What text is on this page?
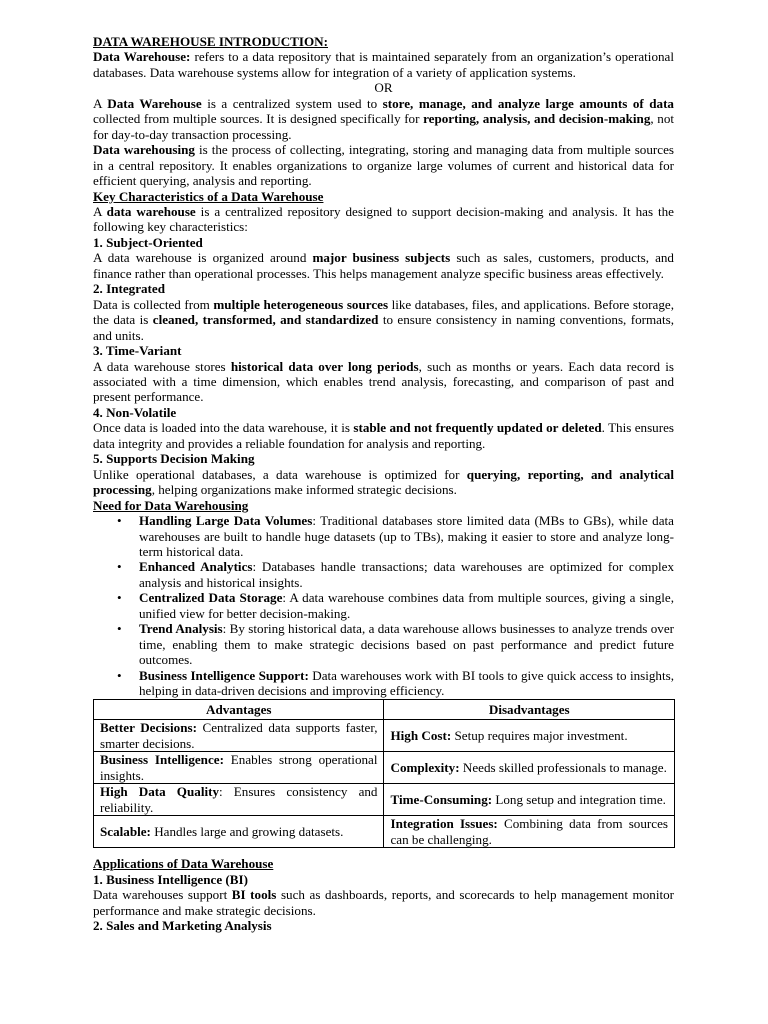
DATA WAREHOUSE INTRODUCTION:

Data Warehouse: refers to a data repository that is maintained separately from an organization’s operational databases. Data warehouse systems allow for integration of a variety of application systems.

OR

A Data Warehouse is a centralized system used to store, manage, and analyze large amounts of data collected from multiple sources. It is designed specifically for reporting, analysis, and decision-making, not for day-to-day transaction processing.

Data warehousing is the process of collecting, integrating, storing and managing data from multiple sources in a central repository. It enables organizations to organize large volumes of current and historical data for efficient querying, analysis and reporting.

Key Characteristics of a Data Warehouse

A data warehouse is a centralized repository designed to support decision-making and analysis. It has the following key characteristics:

1. Subject-Oriented

A data warehouse is organized around major business subjects such as sales, customers, products, and finance rather than operational processes. This helps management analyze specific business areas effectively.

2. Integrated

Data is collected from multiple heterogeneous sources like databases, files, and applications. Before storage, the data is cleaned, transformed, and standardized to ensure consistency in naming conventions, formats, and units.

3. Time-Variant

A data warehouse stores historical data over long periods, such as months or years. Each data record is associated with a time dimension, which enables trend analysis, forecasting, and comparison of past and present performance.

4. Non-Volatile

Once data is loaded into the data warehouse, it is stable and not frequently updated or deleted. This ensures data integrity and provides a reliable foundation for analysis and reporting.

5. Supports Decision Making

Unlike operational databases, a data warehouse is optimized for querying, reporting, and analytical processing, helping organizations make informed strategic decisions.

Need for Data Warehousing

• Handling Large Data Volumes: Traditional databases store limited data (MBs to GBs), while data warehouses are built to handle huge datasets (up to TBs), making it easier to store and analyze long-term historical data.
• Enhanced Analytics: Databases handle transactions; data warehouses are optimized for complex analysis and historical insights.
• Centralized Data Storage: A data warehouse combines data from multiple sources, giving a single, unified view for better decision-making.
• Trend Analysis: By storing historical data, a data warehouse allows businesses to analyze trends over time, enabling them to make strategic decisions based on past performance and predict future outcomes.
• Business Intelligence Support: Data warehouses work with BI tools to give quick access to insights, helping in data-driven decisions and improving efficiency.
Advantages	Disadvantages
Better Decisions: Centralized data supports faster, smarter decisions.	High Cost: Setup requires major investment.
Business Intelligence: Enables strong operational insights.	Complexity: Needs skilled professionals to manage.
High Data Quality: Ensures consistency and reliability.	Time-Consuming: Long setup and integration time.
Scalable: Handles large and growing datasets.	Integration Issues: Combining data from sources can be challenging.

Applications of Data Warehouse

1. Business Intelligence (BI)

Data warehouses support BI tools such as dashboards, reports, and scorecards to help management monitor performance and make strategic decisions.

2. Sales and Marketing Analysis
